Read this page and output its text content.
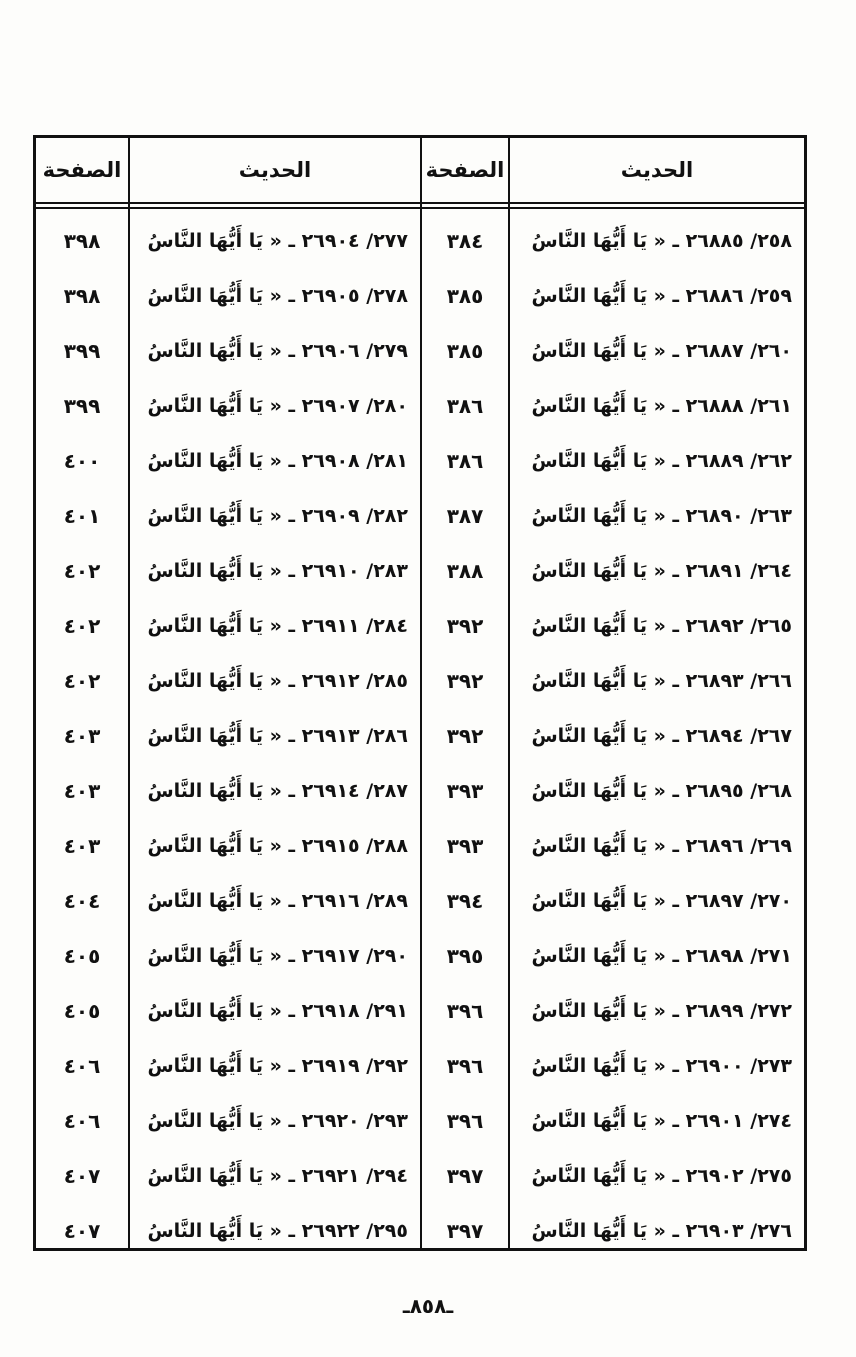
الحديث
الصفحة
الحديث
الصفحة
٢٥٨/ ٢٦٨٨٥ ـ « يَا أَيُّهَا النَّاسُ
٣٨٤
٢٧٧/ ٢٦٩٠٤ ـ « يَا أَيُّهَا النَّاسُ
٣٩٨
٢٥٩/ ٢٦٨٨٦ ـ « يَا أَيُّهَا النَّاسُ
٣٨٥
٢٧٨/ ٢٦٩٠٥ ـ « يَا أَيُّهَا النَّاسُ
٣٩٨
٢٦٠/ ٢٦٨٨٧ ـ « يَا أَيُّهَا النَّاسُ
٣٨٥
٢٧٩/ ٢٦٩٠٦ ـ « يَا أَيُّهَا النَّاسُ
٣٩٩
٢٦١/ ٢٦٨٨٨ ـ « يَا أَيُّهَا النَّاسُ
٣٨٦
٢٨٠/ ٢٦٩٠٧ ـ « يَا أَيُّهَا النَّاسُ
٣٩٩
٢٦٢/ ٢٦٨٨٩ ـ « يَا أَيُّهَا النَّاسُ
٣٨٦
٢٨١/ ٢٦٩٠٨ ـ « يَا أَيُّهَا النَّاسُ
٤٠٠
٢٦٣/ ٢٦٨٩٠ ـ « يَا أَيُّهَا النَّاسُ
٣٨٧
٢٨٢/ ٢٦٩٠٩ ـ « يَا أَيُّهَا النَّاسُ
٤٠١
٢٦٤/ ٢٦٨٩١ ـ « يَا أَيُّهَا النَّاسُ
٣٨٨
٢٨٣/ ٢٦٩١٠ ـ « يَا أَيُّهَا النَّاسُ
٤٠٢
٢٦٥/ ٢٦٨٩٢ ـ « يَا أَيُّهَا النَّاسُ
٣٩٢
٢٨٤/ ٢٦٩١١ ـ « يَا أَيُّهَا النَّاسُ
٤٠٢
٢٦٦/ ٢٦٨٩٣ ـ « يَا أَيُّهَا النَّاسُ
٣٩٢
٢٨٥/ ٢٦٩١٢ ـ « يَا أَيُّهَا النَّاسُ
٤٠٢
٢٦٧/ ٢٦٨٩٤ ـ « يَا أَيُّهَا النَّاسُ
٣٩٢
٢٨٦/ ٢٦٩١٣ ـ « يَا أَيُّهَا النَّاسُ
٤٠٣
٢٦٨/ ٢٦٨٩٥ ـ « يَا أَيُّهَا النَّاسُ
٣٩٣
٢٨٧/ ٢٦٩١٤ ـ « يَا أَيُّهَا النَّاسُ
٤٠٣
٢٦٩/ ٢٦٨٩٦ ـ « يَا أَيُّهَا النَّاسُ
٣٩٣
٢٨٨/ ٢٦٩١٥ ـ « يَا أَيُّهَا النَّاسُ
٤٠٣
٢٧٠/ ٢٦٨٩٧ ـ « يَا أَيُّهَا النَّاسُ
٣٩٤
٢٨٩/ ٢٦٩١٦ ـ « يَا أَيُّهَا النَّاسُ
٤٠٤
٢٧١/ ٢٦٨٩٨ ـ « يَا أَيُّهَا النَّاسُ
٣٩٥
٢٩٠/ ٢٦٩١٧ ـ « يَا أَيُّهَا النَّاسُ
٤٠٥
٢٧٢/ ٢٦٨٩٩ ـ « يَا أَيُّهَا النَّاسُ
٣٩٦
٢٩١/ ٢٦٩١٨ ـ « يَا أَيُّهَا النَّاسُ
٤٠٥
٢٧٣/ ٢٦٩٠٠ ـ « يَا أَيُّهَا النَّاسُ
٣٩٦
٢٩٢/ ٢٦٩١٩ ـ « يَا أَيُّهَا النَّاسُ
٤٠٦
٢٧٤/ ٢٦٩٠١ ـ « يَا أَيُّهَا النَّاسُ
٣٩٦
٢٩٣/ ٢٦٩٢٠ ـ « يَا أَيُّهَا النَّاسُ
٤٠٦
٢٧٥/ ٢٦٩٠٢ ـ « يَا أَيُّهَا النَّاسُ
٣٩٧
٢٩٤/ ٢٦٩٢١ ـ « يَا أَيُّهَا النَّاسُ
٤٠٧
٢٧٦/ ٢٦٩٠٣ ـ « يَا أَيُّهَا النَّاسُ
٣٩٧
٢٩٥/ ٢٦٩٢٢ ـ « يَا أَيُّهَا النَّاسُ
٤٠٧
ـ٨٥٨ـ
